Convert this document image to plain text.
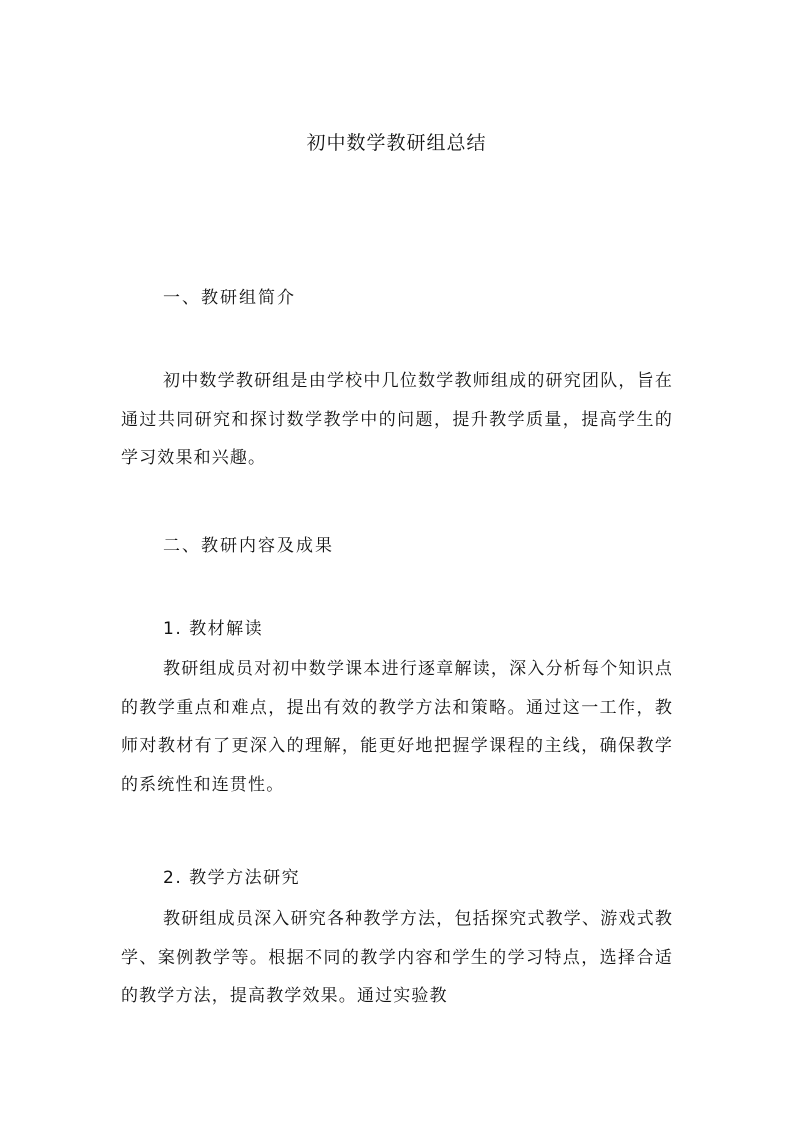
初中数学教研组总结
一、教研组简介

初中数学教研组是由学校中几位数学教师组成的研究团队，旨在通过共同研究和探讨数学教学中的问题，提升教学质量，提高学生的学习效果和兴趣。

二、教研内容及成果
1. 教材解读

教研组成员对初中数学课本进行逐章解读，深入分析每个知识点的教学重点和难点，提出有效的教学方法和策略。通过这一工作，教师对教材有了更深入的理解，能更好地把握学课程的主线，确保教学的系统性和连贯性。

2. 教学方法研究

教研组成员深入研究各种教学方法，包括探究式教学、游戏式教学、案例教学等。根据不同的教学内容和学生的学习特点，选择合适的教学方法，提高教学效果。通过实验教
